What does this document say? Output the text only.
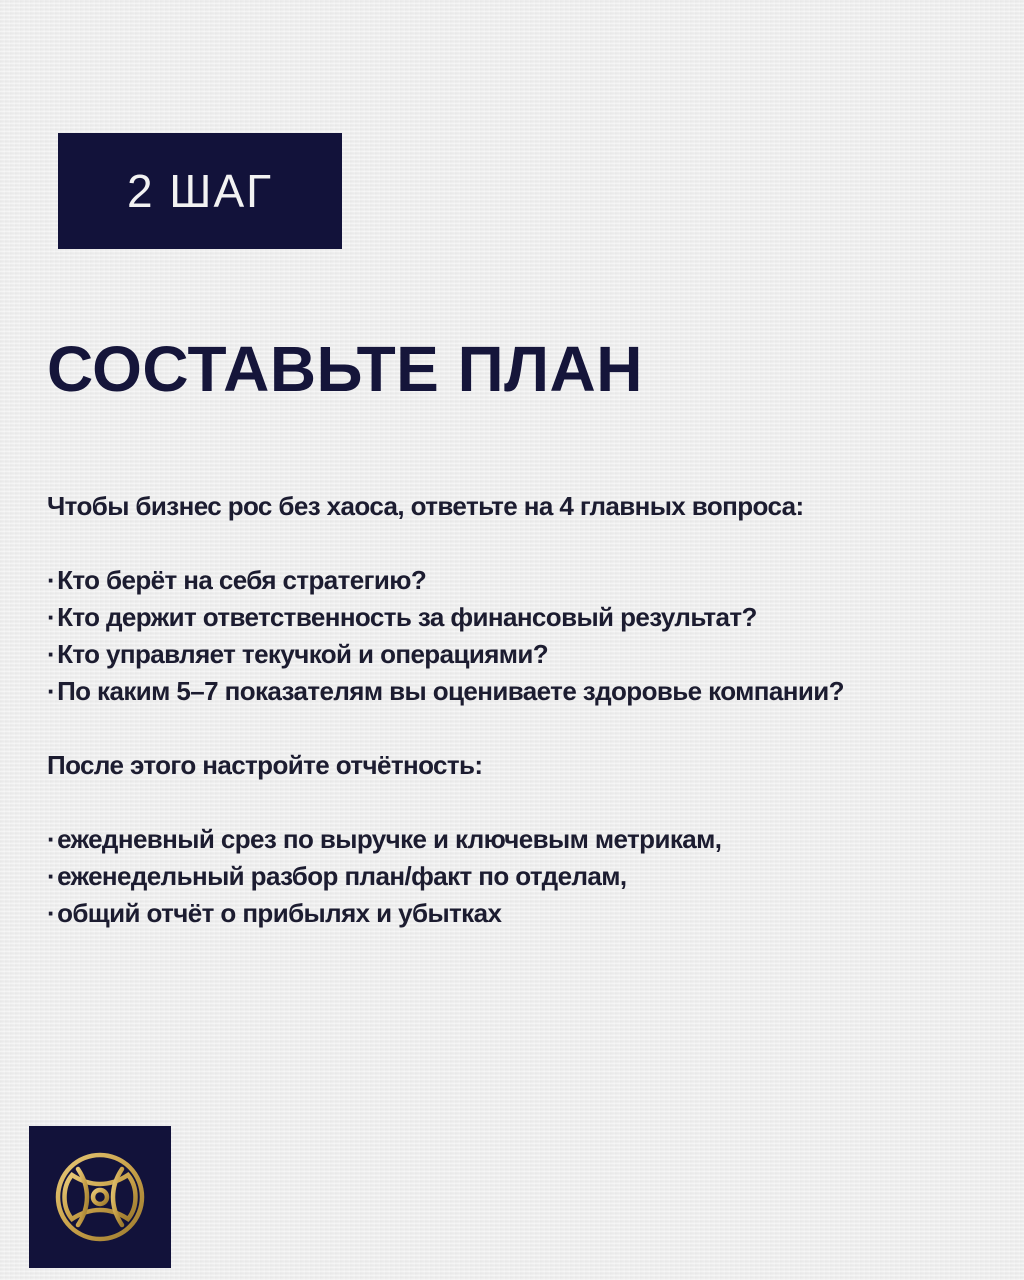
2 ШАГ
СОСТАВЬТЕ ПЛАН

Чтобы бизнес рос без хаоса, ответьте на 4 главных вопроса:

· Кто берёт на себя стратегию?
· Кто держит ответственность за финансовый результат?
· Кто управляет текучкой и операциями?
· По каким 5–7 показателям вы оцениваете здоровье компании?

После этого настройте отчётность:

· ежедневный срез по выручке и ключевым метрикам,
· еженедельный разбор план/факт по отделам,
· общий отчёт о прибылях и убытках
